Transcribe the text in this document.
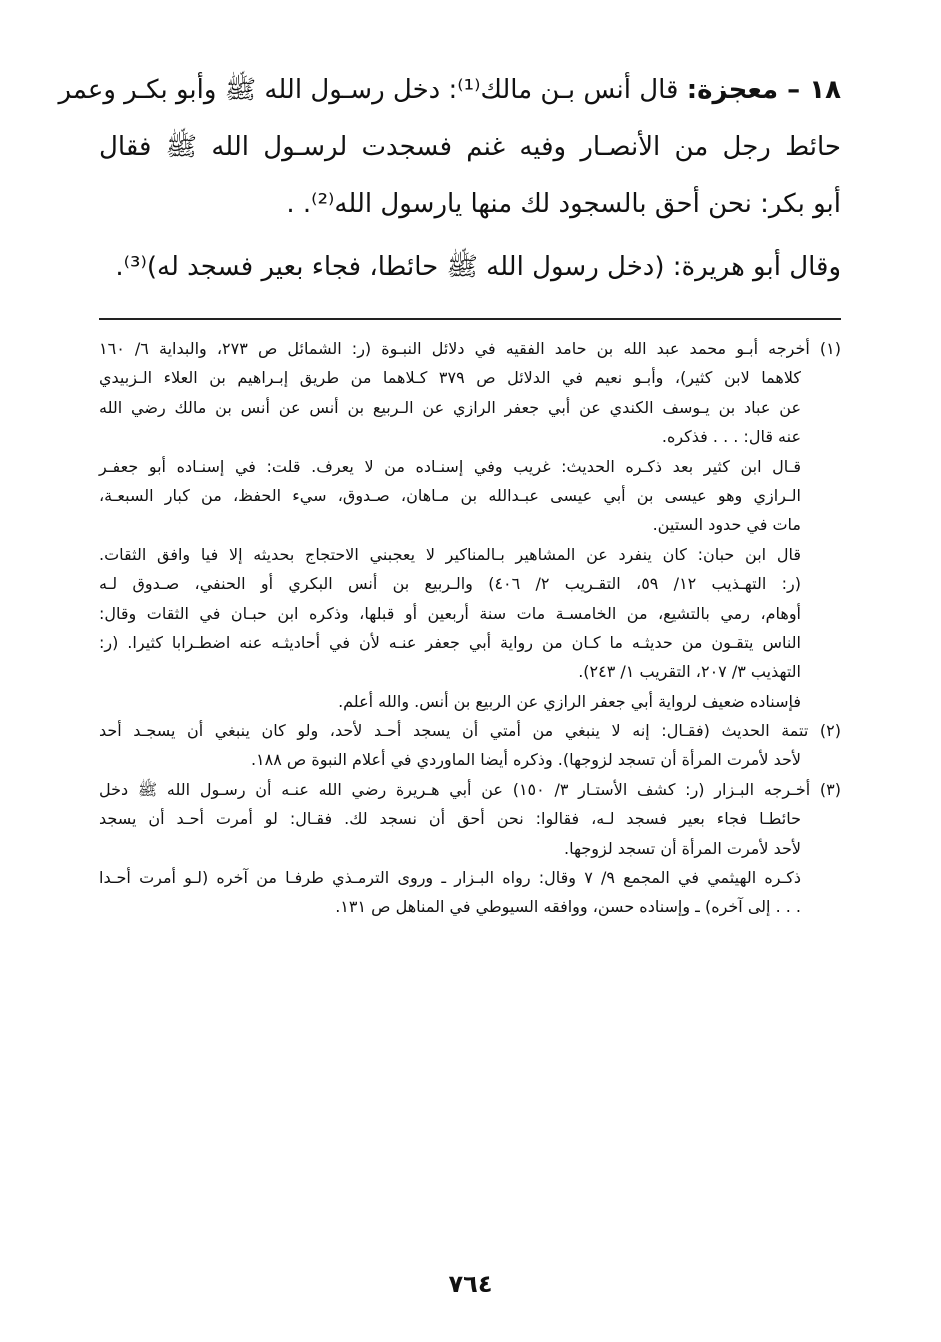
١٨ – معجزة: قال أنس بـن مالك⁽¹⁾: دخل رسـول الله ﷺ وأبو بكـر وعمر
حائط رجل من الأنصـار وفيه غنم فسجدت لرسـول الله ﷺ فقال
أبو بكر: نحن أحق بالسجود لك منها يارسول الله⁽²⁾. .
وقال أبو هريرة: (دخل رسول الله ﷺ حائطا، فجاء بعير فسجد له)⁽³⁾.
(١) أخرجه أبـو محمد عبد الله بن حامد الفقيه في دلائل النبـوة (ر: الشمائل ص ٢٧٣، والبداية ٦/ ١٦٠
كلاهما لابن كثير)، وأبـو نعيم في الدلائل ص ٣٧٩ كـلاهما من طريق إبـراهيم بن العلاء الـزبيدي
عن عباد بن يـوسف الكندي عن أبي جعفر الرازي عن الـربيع بن أنس عن أنس بن مالك رضي الله
عنه قال: . . . فذكره.
قـال ابن كثير بعد ذكـره الحديث: غريب وفي إسنـاده من لا يعرف. قلت: في إسنـاده أبو جعفـر
الـرازي وهو عيسى بن أبي عيسى عبـدالله بن مـاهان، صـدوق، سيء الحفظ، من كبار السبعـة،
مات في حدود الستين.
قال ابن حبان: كان ينفرد عن المشاهير بـالمناكير لا يعجبني الاحتجاج بحديثه إلا فيا وافق الثقات.
(ر: التهـذيب ١٢/ ٥٩، التقـريب ٢/ ٤٠٦) والـربيع بن أنس البكري أو الحنفي، صـدوق لـه
أوهام، رمي بالتشيع، من الخامسـة مات سنة أربعين أو قبلها، وذكره ابن حبـان في الثقات وقال:
الناس يتقـون من حديثـه ما كـان من رواية أبي جعفر عنـه لأن في أحاديثـه عنه اضطـرابا كثيرا. (ر:
التهذيب ٣/ ٢٠٧، التقريب ١/ ٢٤٣).
فإسناده ضعيف لرواية أبي جعفر الرازي عن الربيع بن أنس. والله أعلم.
(٢) تتمة الحديث (فقـال: إنه لا ينبغي من أمتي أن يسجد أحـد لأحد، ولو كان ينبغي أن يسجـد أحد
لأحد لأمرت المرأة أن تسجد لزوجها). وذكره أيضا الماوردي في أعلام النبوة ص ١٨٨.
(٣) أخـرجه البـزار (ر: كشف الأستـار ٣/ ١٥٠) عن أبي هـريرة رضي الله عنـه أن رسـول الله ﷺ دخل
حائطـا فجاء بعير فسجد لـه، فقالوا: نحن أحق أن نسجد لك. فقـال: لو أمرت أحـد أن يسجد
لأحد لأمرت المرأة أن تسجد لزوجها.
ذكـره الهيثمي في المجمع ٩/ ٧ وقال: رواه البـزار ـ وروى الترمـذي طرفـا من آخره (لـو أمرت أحـدا
. . . إلى آخره) ـ وإسناده حسن، ووافقه السيوطي في المناهل ص ١٣١.
٧٦٤
